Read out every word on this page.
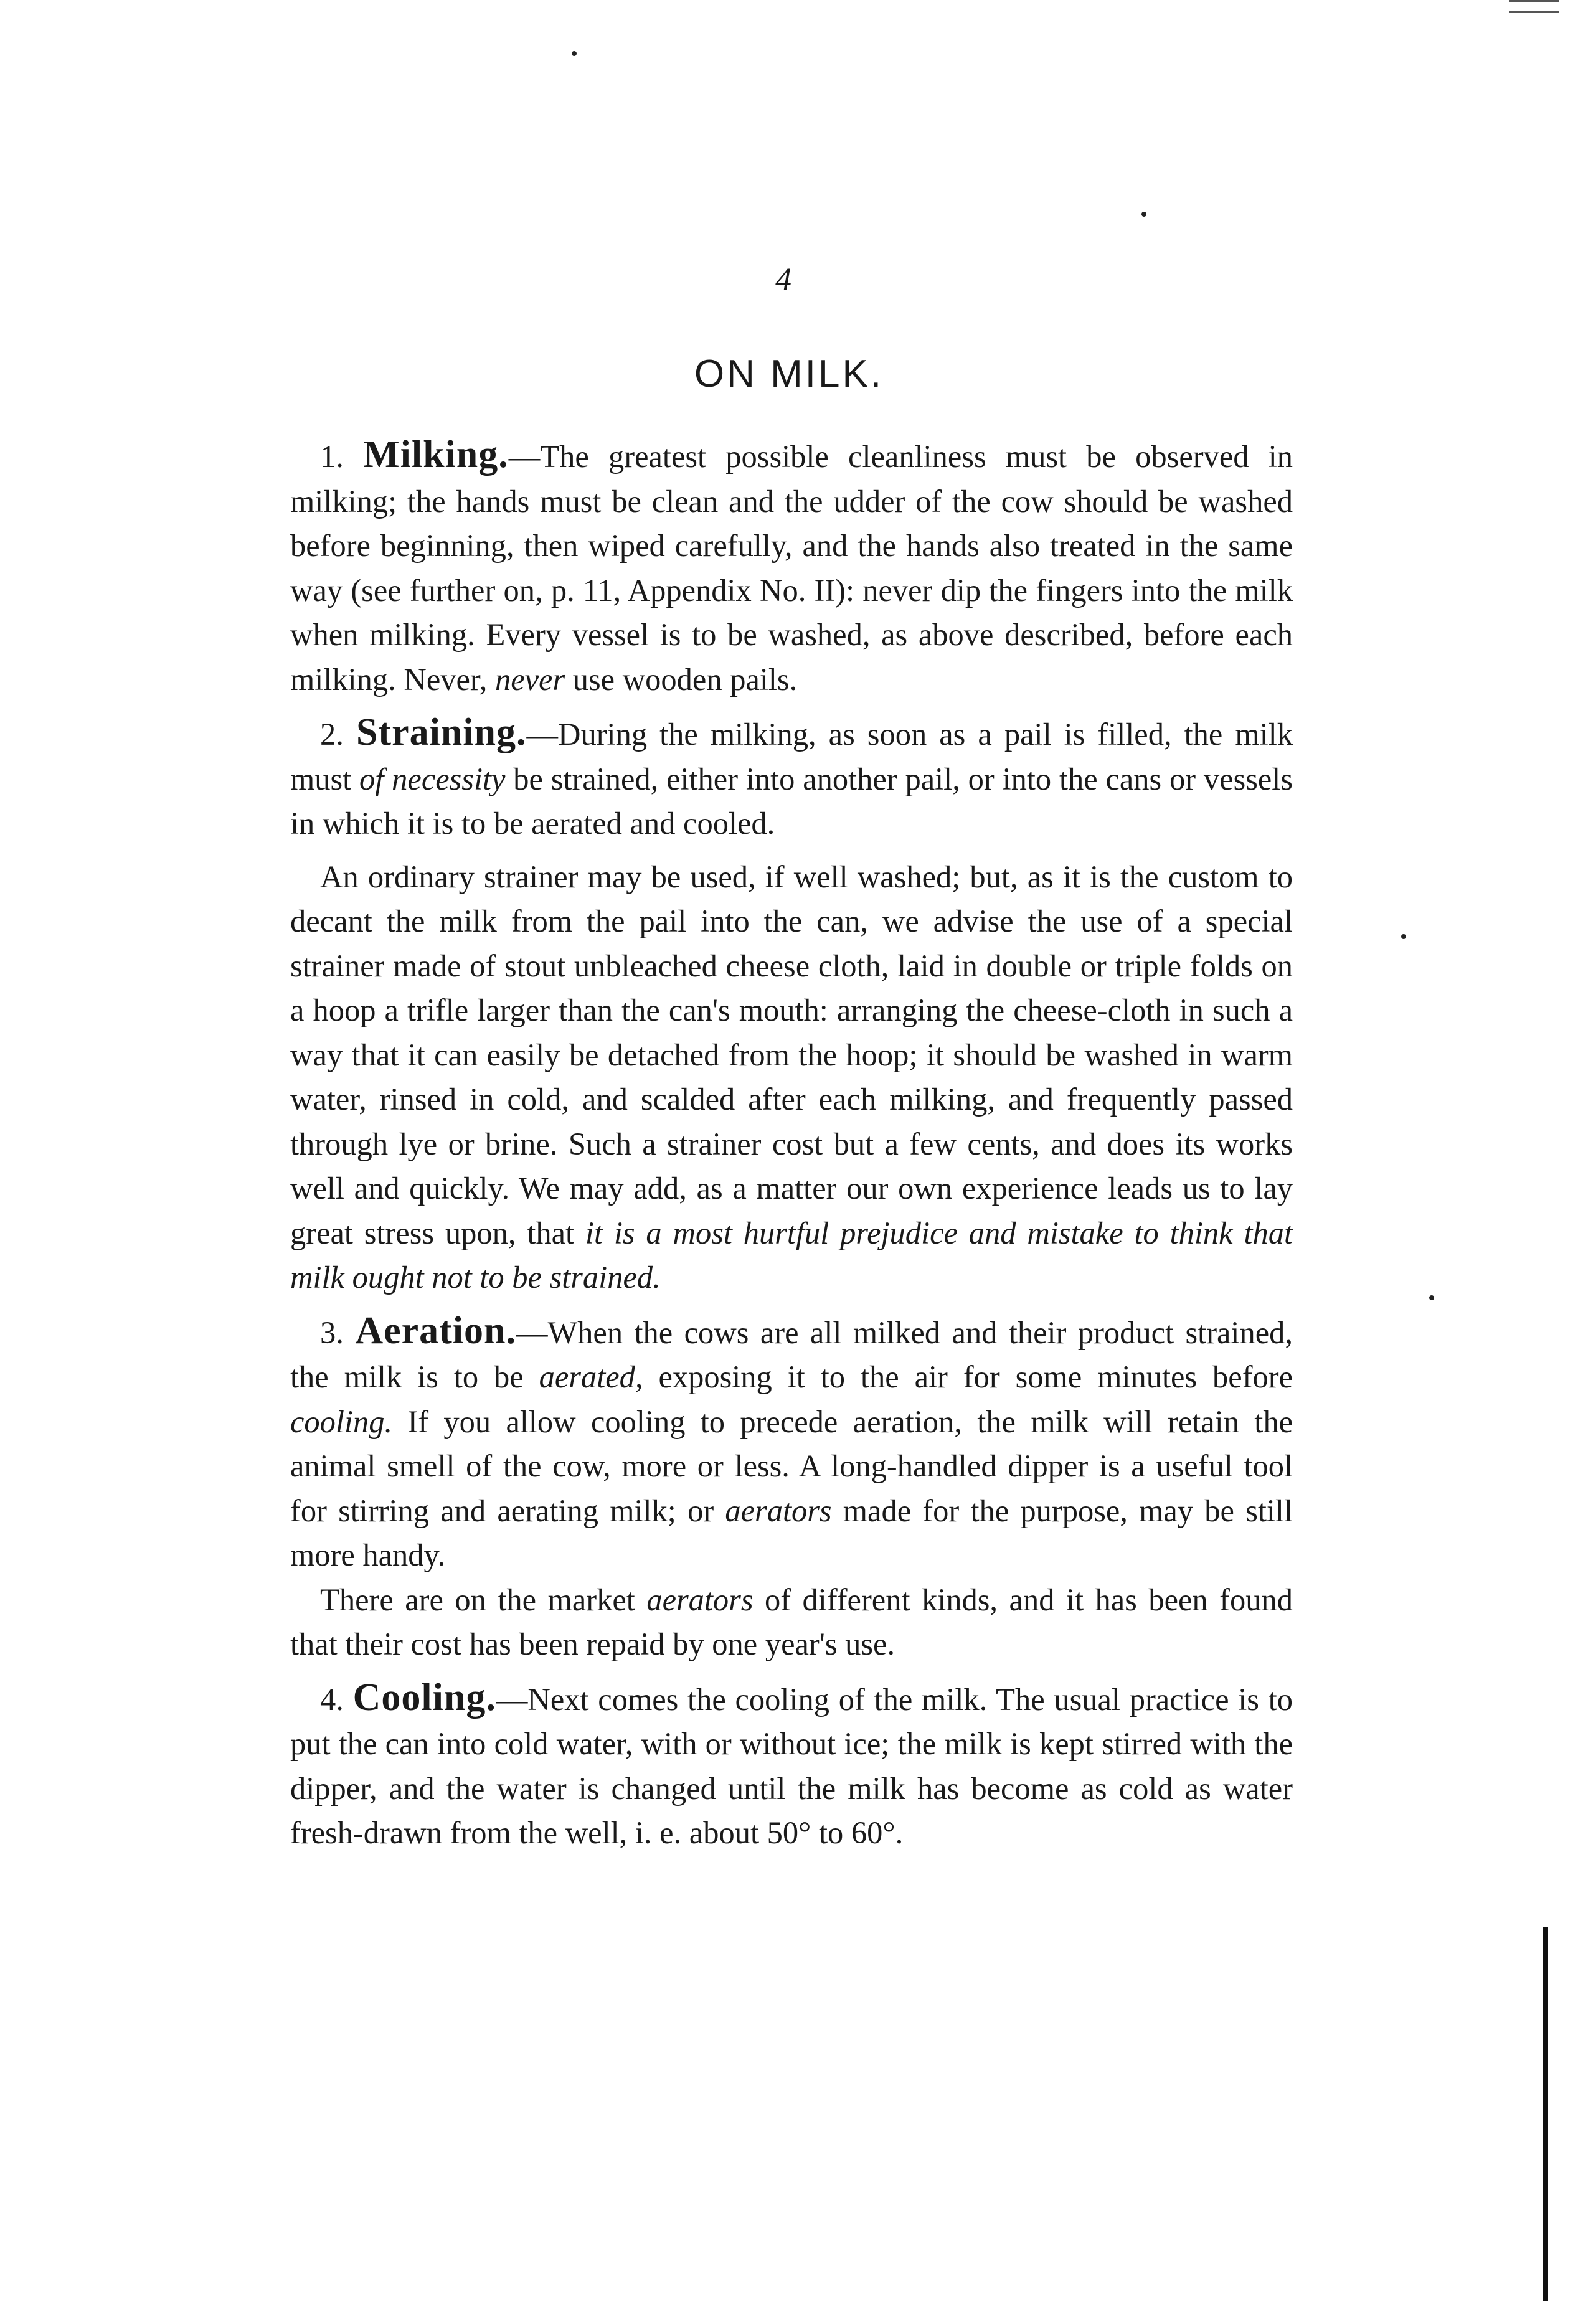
4
ON MILK.

1. Milking.—The greatest possible cleanliness must be observed in milking; the hands must be clean and the udder of the cow should be washed before beginning, then wiped carefully, and the hands also treated in the same way (see further on, p. 11, Appendix No. II): never dip the fingers into the milk when milking. Every vessel is to be washed, as above described, before each milking. Never, never use wooden pails.

2. Straining.—During the milking, as soon as a pail is filled, the milk must of necessity be strained, either into another pail, or into the cans or vessels in which it is to be aerated and cooled.

An ordinary strainer may be used, if well washed; but, as it is the custom to decant the milk from the pail into the can, we advise the use of a special strainer made of stout unbleached cheese cloth, laid in double or triple folds on a hoop a trifle larger than the can's mouth: arranging the cheese-cloth in such a way that it can easily be detached from the hoop; it should be washed in warm water, rinsed in cold, and scalded after each milking, and frequently passed through lye or brine. Such a strainer cost but a few cents, and does its works well and quickly. We may add, as a matter our own experience leads us to lay great stress upon, that it is a most hurtful prejudice and mistake to think that milk ought not to be strained.

3. Aeration.—When the cows are all milked and their product strained, the milk is to be aerated, exposing it to the air for some minutes before cooling. If you allow cooling to precede aeration, the milk will retain the animal smell of the cow, more or less. A long-handled dipper is a useful tool for stirring and aerating milk; or aerators made for the purpose, may be still more handy.

There are on the market aerators of different kinds, and it has been found that their cost has been repaid by one year's use.

4. Cooling.—Next comes the cooling of the milk. The usual practice is to put the can into cold water, with or without ice; the milk is kept stirred with the dipper, and the water is changed until the milk has become as cold as water fresh-drawn from the well, i. e. about 50° to 60°.
